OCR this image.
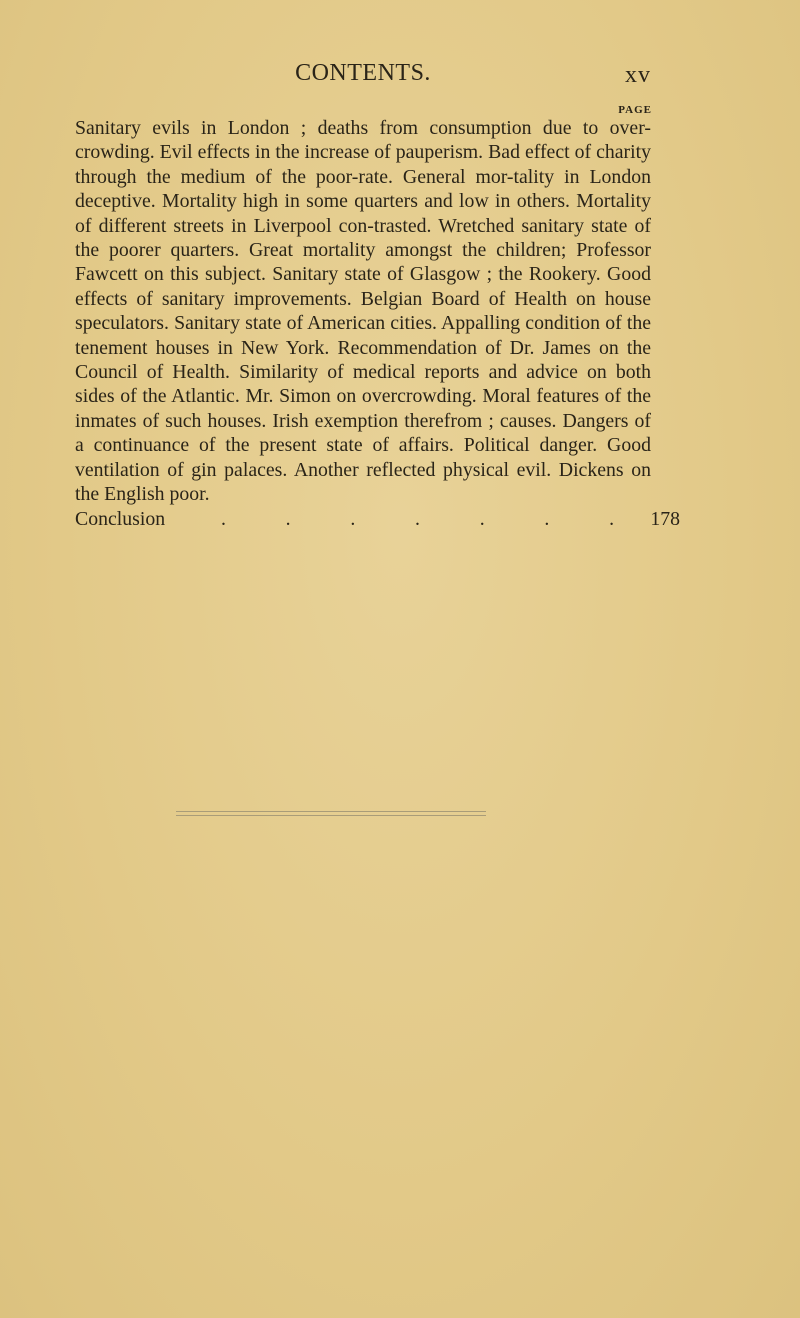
CONTENTS.	xv
PAGE

Sanitary evils in London ; deaths from consumption due to over-crowding. Evil effects in the increase of pauperism. Bad effect of charity through the medium of the poor-rate. General mor-tality in London deceptive. Mortality high in some quarters and low in others. Mortality of different streets in Liverpool con-trasted. Wretched sanitary state of the poorer quarters. Great mortality amongst the children; Professor Fawcett on this subject. Sanitary state of Glasgow ; the Rookery. Good effects of sanitary improvements. Belgian Board of Health on house speculators. Sanitary state of American cities. Appalling condition of the tenement houses in New York. Recommendation of Dr. James on the Council of Health. Similarity of medical reports and advice on both sides of the Atlantic. Mr. Simon on overcrowding. Moral features of the inmates of such houses. Irish exemption therefrom ; causes. Dangers of a continuance of the present state of affairs. Political danger. Good ventilation of gin palaces. Another reflected physical evil. Dickens on the English poor.

Conclusion	.	.	.	.	.	.	. 178
